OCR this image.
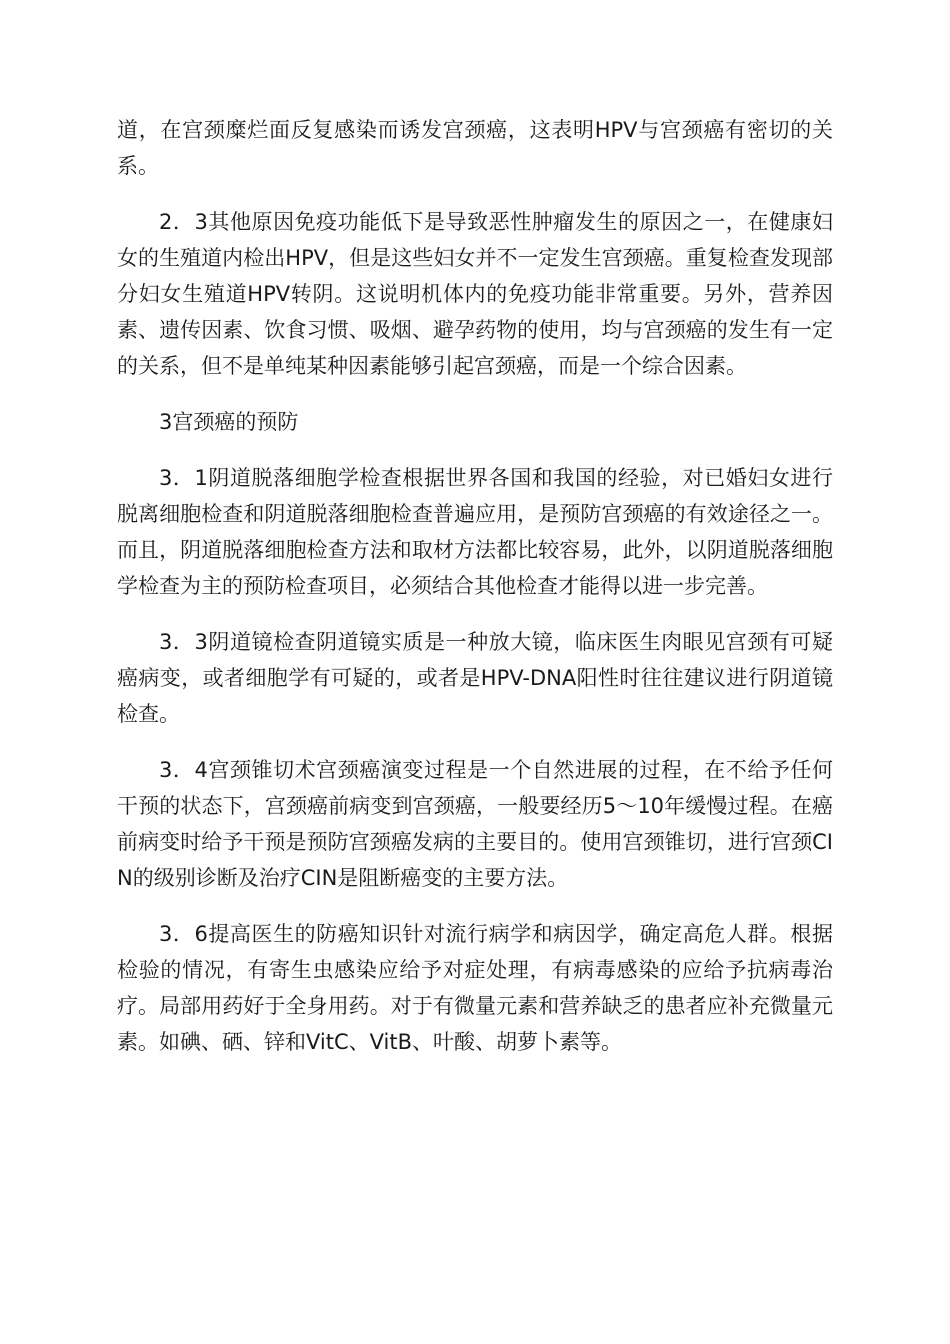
道，在宫颈糜烂面反复感染而诱发宫颈癌，这表明HPV与宫颈癌有密切的关系。

2．3其他原因免疫功能低下是导致恶性肿瘤发生的原因之一，在健康妇女的生殖道内检出HPV，但是这些妇女并不一定发生宫颈癌。重复检查发现部分妇女生殖道HPV转阴。这说明机体内的免疫功能非常重要。另外，营养因素、遗传因素、饮食习惯、吸烟、避孕药物的使用，均与宫颈癌的发生有一定的关系，但不是单纯某种因素能够引起宫颈癌，而是一个综合因素。

3宫颈癌的预防

3．1阴道脱落细胞学检查根据世界各国和我国的经验，对已婚妇女进行脱离细胞检查和阴道脱落细胞检查普遍应用，是预防宫颈癌的有效途径之一。而且，阴道脱落细胞检查方法和取材方法都比较容易，此外，以阴道脱落细胞学检查为主的预防检查项目，必须结合其他检查才能得以进一步完善。

3．3阴道镜检查阴道镜实质是一种放大镜，临床医生肉眼见宫颈有可疑癌病变，或者细胞学有可疑的，或者是HPV-DNA阳性时往往建议进行阴道镜检查。

3．4宫颈锥切术宫颈癌演变过程是一个自然进展的过程，在不给予任何干预的状态下，宫颈癌前病变到宫颈癌，一般要经历5～10年缓慢过程。在癌前病变时给予干预是预防宫颈癌发病的主要目的。使用宫颈锥切，进行宫颈CIN的级别诊断及治疗CIN是阻断癌变的主要方法。

3．6提高医生的防癌知识针对流行病学和病因学，确定高危人群。根据检验的情况，有寄生虫感染应给予对症处理，有病毒感染的应给予抗病毒治疗。局部用药好于全身用药。对于有微量元素和营养缺乏的患者应补充微量元素。如碘、硒、锌和VitC、VitB、叶酸、胡萝卜素等。
